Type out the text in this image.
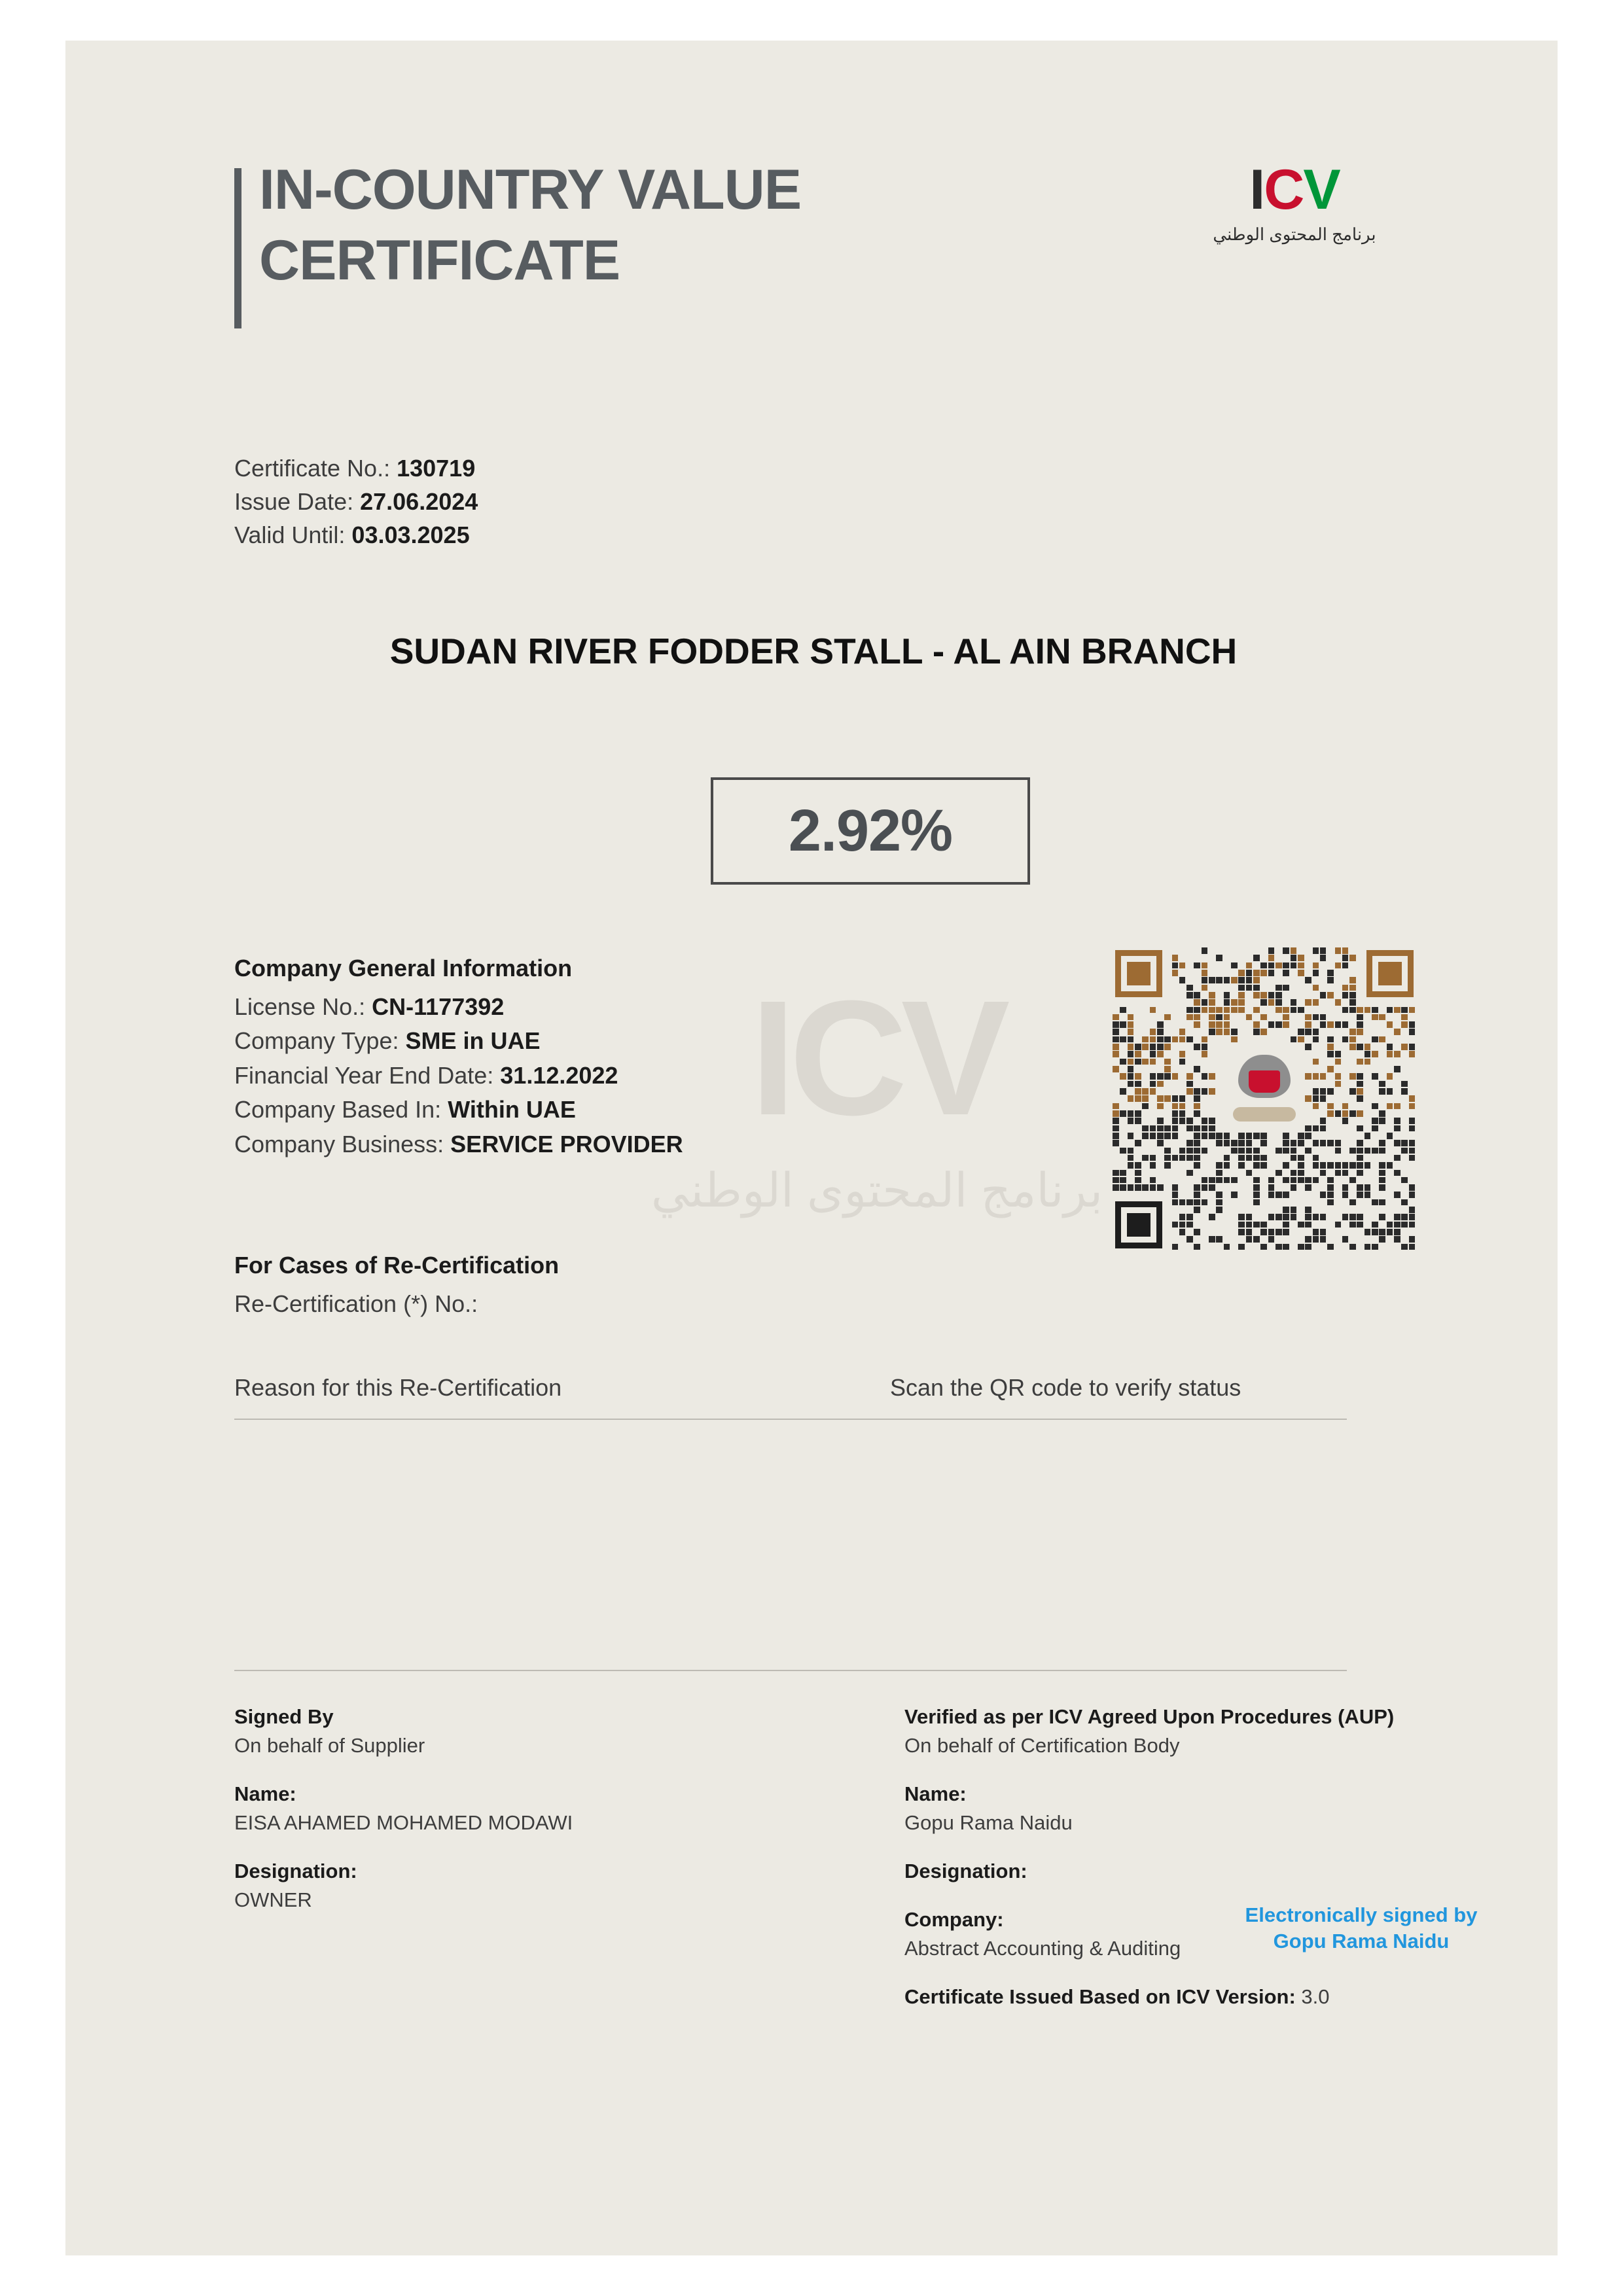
IN-COUNTRY VALUE
CERTIFICATE
ICV
برنامج المحتوى الوطني
Certificate No.: 130719
Issue Date: 27.06.2024
Valid Until: 03.03.2025
SUDAN RIVER FODDER STALL - AL AIN BRANCH
2.92%
ICV
برنامج المحتوى الوطني
Company General Information
License No.: CN-1177392
Company Type: SME in UAE
Financial Year End Date: 31.12.2022
Company Based In: Within UAE
Company Business: SERVICE PROVIDER
For Cases of Re-Certification
Re-Certification (*) No.:
Reason for this Re-Certification	Scan the QR code to verify status
Signed By
On behalf of Supplier
Name:
EISA AHAMED MOHAMED MODAWI
Designation:
OWNER
Verified as per ICV Agreed Upon Procedures (AUP)
On behalf of Certification Body
Name:
Gopu Rama Naidu
Designation:
Company:
Abstract Accounting & Auditing
Certificate Issued Based on ICV Version: 3.0
Electronically signed by
Gopu Rama Naidu
